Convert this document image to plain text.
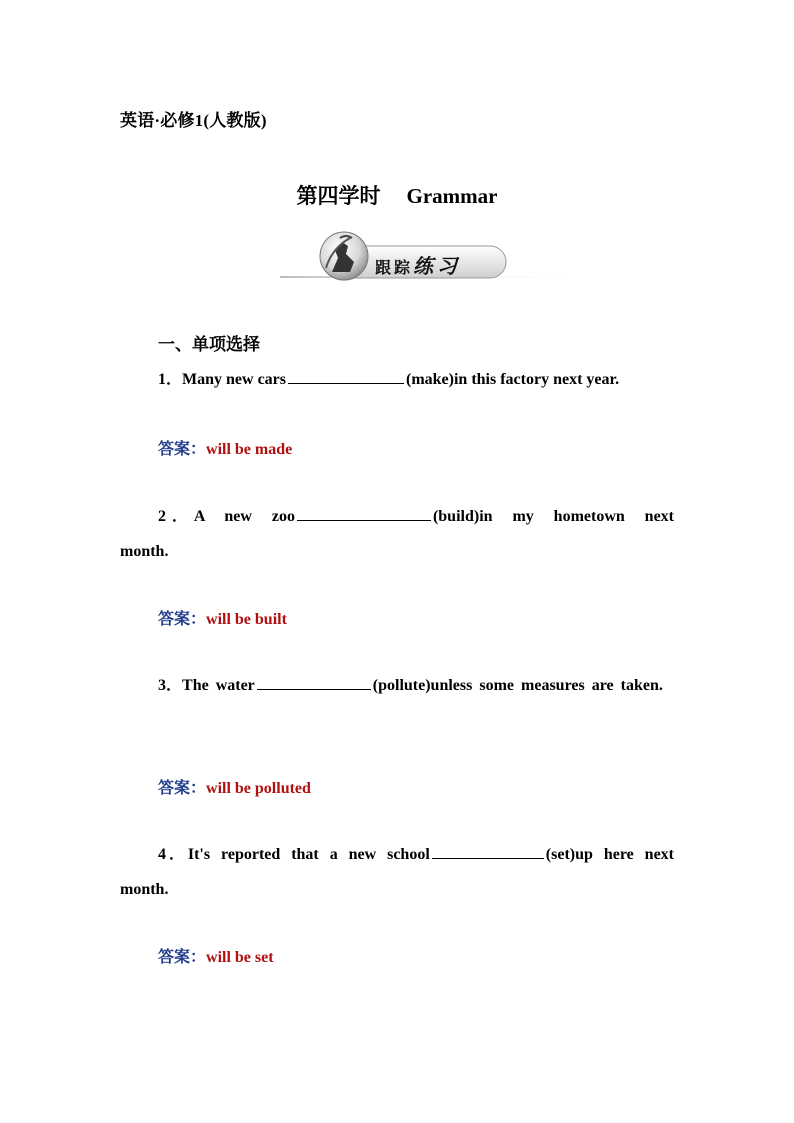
英语·必修1(人教版)
第四学时 Grammar
跟踪练习
一、单项选择
1．Many new cars	(make)in this factory next year.
答案：will be made
2．A new zoo	(build)in my hometown next month.
答案：will be built
3．The water	(pollute)unless some measures are taken.
答案：will be polluted
4．It's reported that a new school	(set)up here next month.
答案：will be set
